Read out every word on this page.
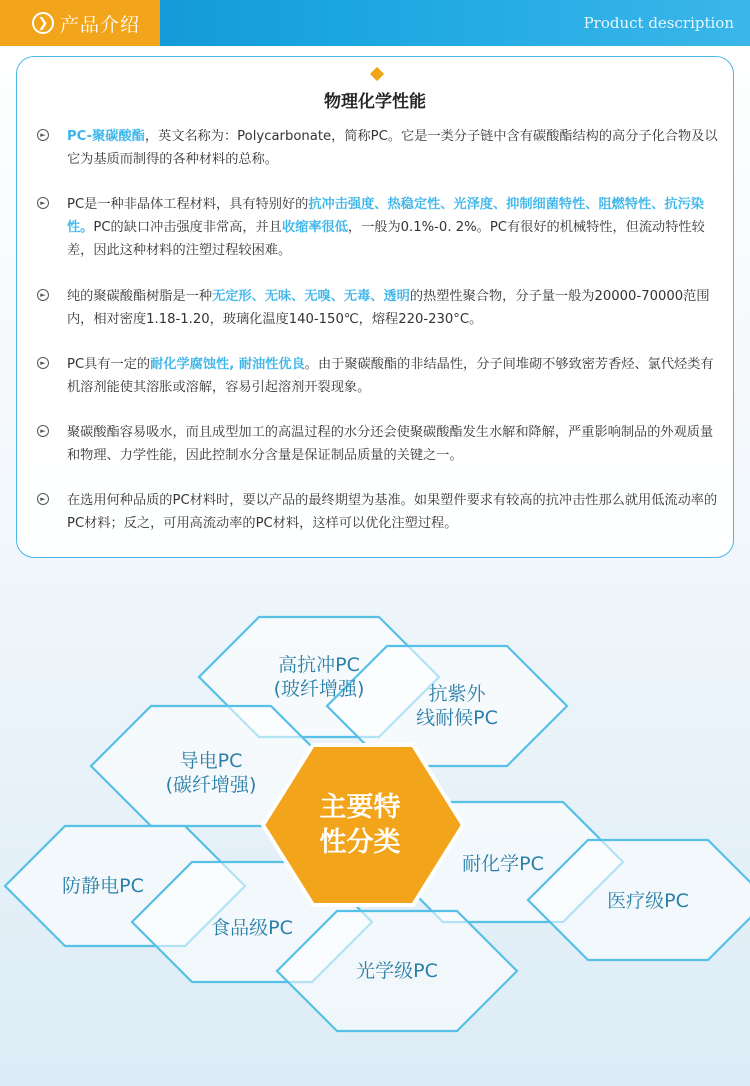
❯ 产品介绍	Product description
物理化学性能
► PC-聚碳酸酯，英文名称为：Polycarbonate，简称PC。它是一类分子链中含有碳酸酯结构的高分子化合物及以它为基质而制得的各种材料的总称。
► PC是一种非晶体工程材料，具有特别好的抗冲击强度、热稳定性、光泽度、抑制细菌特性、阻燃特性、抗污染性。PC的缺口冲击强度非常高，并且收缩率很低，一般为0.1%-0. 2%。PC有很好的机械特性，但流动特性较差，因此这种材料的注塑过程较困难。
► 纯的聚碳酸酯树脂是一种无定形、无味、无嗅、无毒、透明的热塑性聚合物，分子量一般为20000-70000范围内，相对密度1.18-1.20，玻璃化温度140-150℃，熔程220-230°C。
► PC具有一定的耐化学腐蚀性, 耐油性优良。由于聚碳酸酯的非结晶性，分子间堆砌不够致密芳香烃、氯代烃类有机溶剂能使其溶胀或溶解，容易引起溶剂开裂现象。
► 聚碳酸酯容易吸水，而且成型加工的高温过程的水分还会使聚碳酸酯发生水解和降解，严重影响制品的外观质量和物理、力学性能，因此控制水分含量是保证制品质量的关键之一。
► 在选用何种品质的PC材料时，要以产品的最终期望为基准。如果塑件要求有较高的抗冲击性那么就用低流动率的PC材料；反之，可用高流动率的PC材料，这样可以优化注塑过程。
主要特
性分类
高抗冲PC
(玻纤增强)	抗紫外
线耐候PC
导电PC
(碳纤增强)
防静电PC
食品级PC
耐化学PC
医疗级PC
光学级PC
